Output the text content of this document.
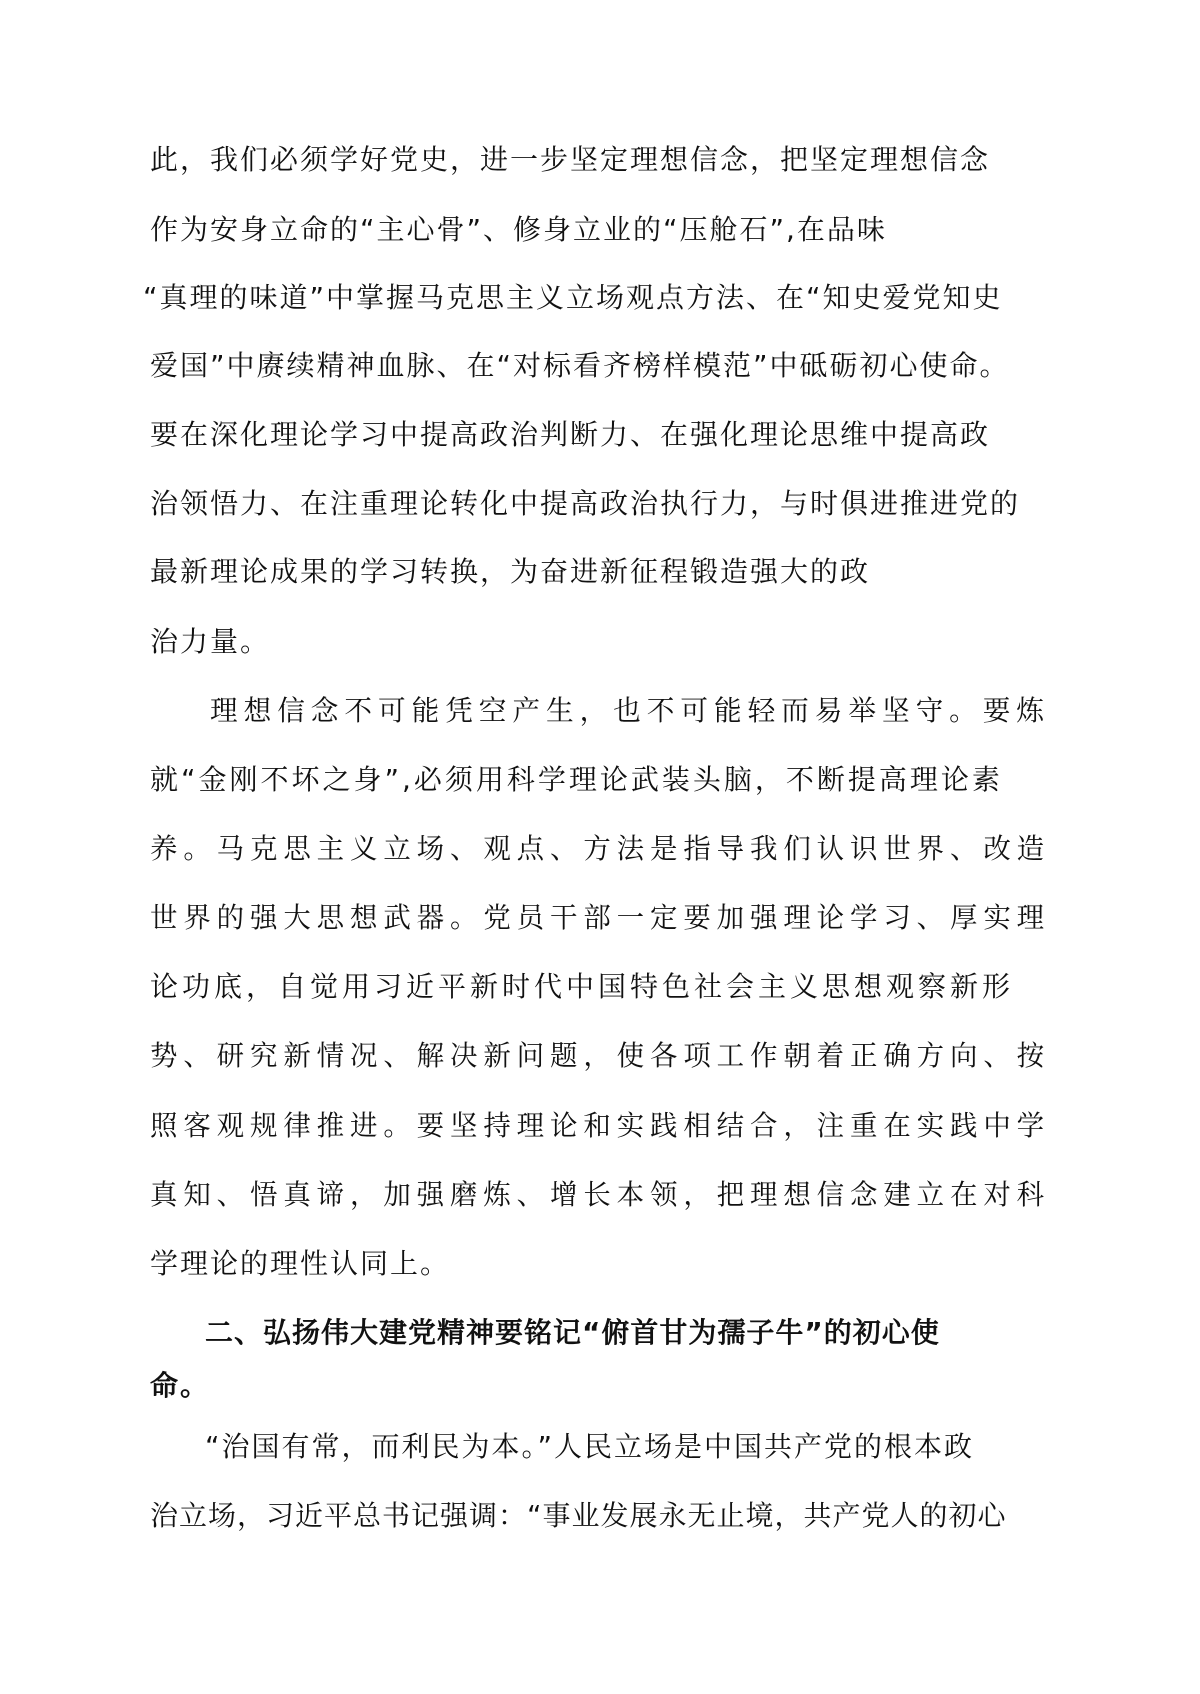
此，我们必须学好党史，进一步坚定理想信念，把坚定理想信念
作为安身立命的“主心骨”、修身立业的“压舱石”,在品味
“真理的味道”中掌握马克思主义立场观点方法、在“知史爱党知史
爱国”中赓续精神血脉、在“对标看齐榜样模范”中砥砺初心使命。
要在深化理论学习中提高政治判断力、在强化理论思维中提高政
治领悟力、在注重理论转化中提高政治执行力，与时俱进推进党的
最新理论成果的学习转换，为奋进新征程锻造强大的政
治力量。
理想信念不可能凭空产生，也不可能轻而易举坚守。要炼
就“金刚不坏之身”,必须用科学理论武装头脑，不断提高理论素
养。马克思主义立场、观点、方法是指导我们认识世界、改造
世界的强大思想武器。党员干部一定要加强理论学习、厚实理
论功底，自觉用习近平新时代中国特色社会主义思想观察新形
势、研究新情况、解决新问题，使各项工作朝着正确方向、按
照客观规律推进。要坚持理论和实践相结合，注重在实践中学
真知、悟真谛，加强磨炼、增长本领，把理想信念建立在对科
学理论的理性认同上。
二、弘扬伟大建党精神要铭记“俯首甘为孺子牛”的初心使
命。
“治国有常，而利民为本。”人民立场是中国共产党的根本政
治立场，习近平总书记强调：“事业发展永无止境，共产党人的初心
